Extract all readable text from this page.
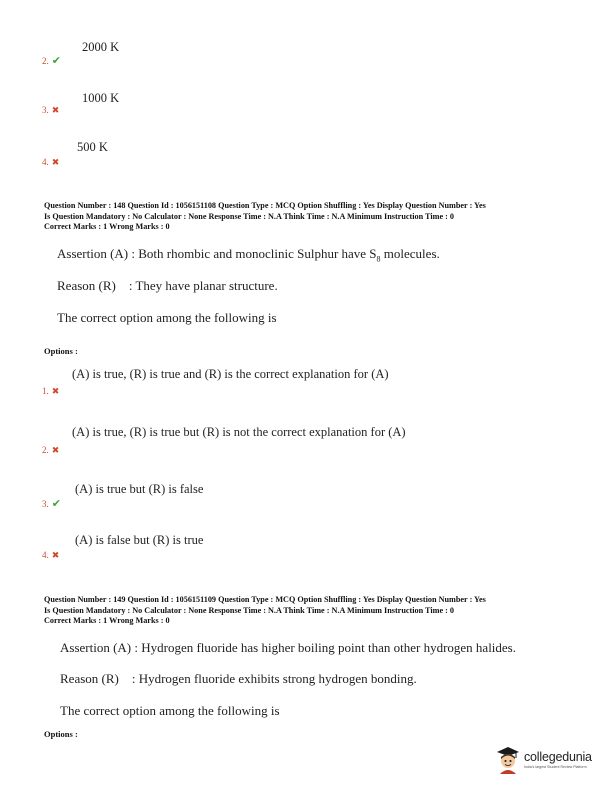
2000 K
2. ✔
1000 K
3. ✖
500 K
4. ✖
Question Number : 148 Question Id : 1056151108 Question Type : MCQ Option Shuffling : Yes Display Question Number : Yes
Is Question Mandatory : No Calculator : None Response Time : N.A Think Time : N.A Minimum Instruction Time : 0
Correct Marks : 1 Wrong Marks : 0
Assertion (A) : Both rhombic and monoclinic Sulphur have $S_8$ molecules.
Reason (R)    : They have planar structure.
The correct option among the following is
Options :
(A) is true, (R) is true and (R) is the correct explanation for (A)
1. ✖
(A) is true, (R) is true but (R) is not the correct explanation for (A)
2. ✖
(A) is true but (R) is false
3. ✔
(A) is false but (R) is true
4. ✖
Question Number : 149 Question Id : 1056151109 Question Type : MCQ Option Shuffling : Yes Display Question Number : Yes
Is Question Mandatory : No Calculator : None Response Time : N.A Think Time : N.A Minimum Instruction Time : 0
Correct Marks : 1 Wrong Marks : 0
Assertion (A) : Hydrogen fluoride has higher boiling point than other hydrogen halides.
Reason (R)    : Hydrogen fluoride exhibits strong hydrogen bonding.
The correct option among the following is
Options :
collegedunia
India's largest Student Review Platform
